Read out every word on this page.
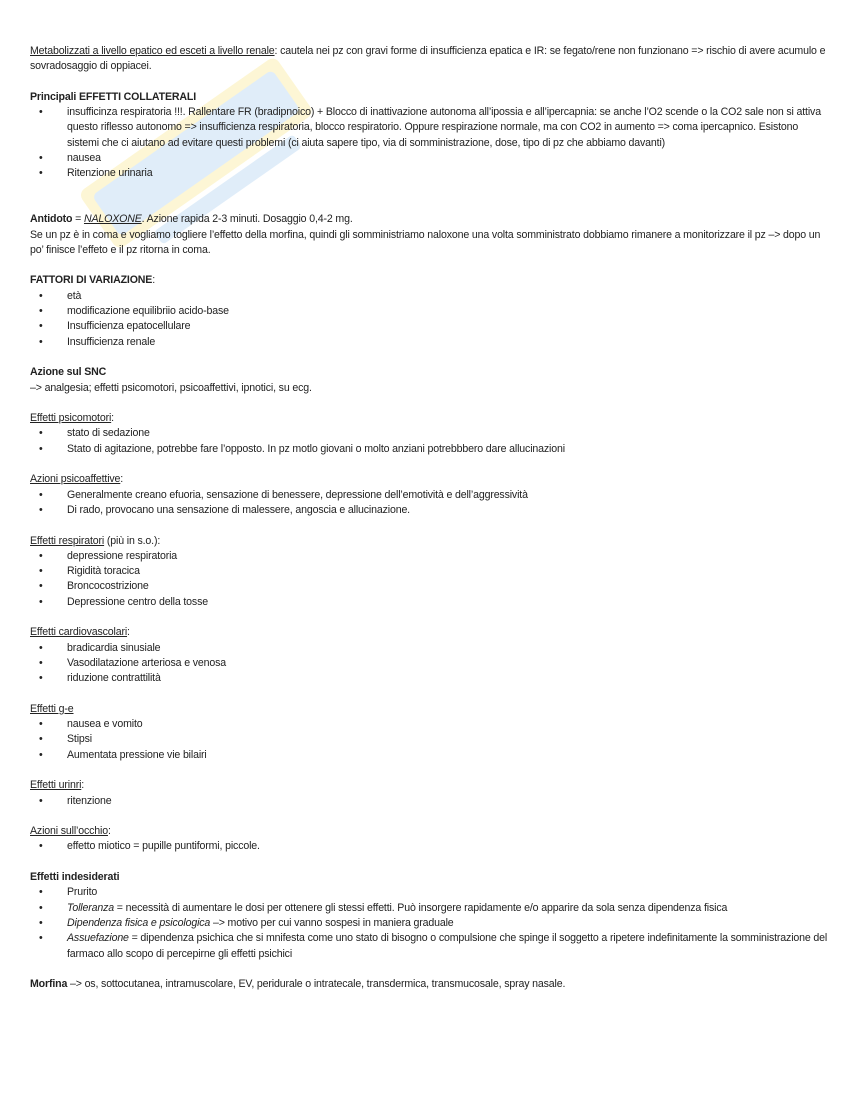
Metabolizzati a livello epatico ed esceti a livello renale: cautela nei pz con gravi forme di insufficienza epatica e IR: se fegato/rene non funzionano => rischio di avere acumulo e sovradosaggio di oppiacei.

Principali EFFETTI COLLATERALI

• insufficinza respiratoria !!!. Rallentare FR (bradipnoico) + Blocco di inattivazione autonoma all’ipossia e all’ipercapnia: se anche l’O2 scende o la CO2 sale non si attiva questo riflesso autonomo => insufficienza respiratoria, blocco respiratorio. Oppure respirazione normale, ma con CO2 in aumento => coma ipercapnico. Esistono sistemi che ci aiutano ad evitare questi problemi (ci aiuta sapere tipo, via di somministrazione, dose, tipo di pz che abbiamo davanti)
• nausea
• Ritenzione urinaria

Antidoto = NALOXONE. Azione rapida 2-3 minuti. Dosaggio 0,4-2 mg.

Se un pz è in coma e vogliamo togliere l’effetto della morfina, quindi gli somministriamo naloxone una volta somministrato dobbiamo rimanere a monitorizzare il pz –> dopo un po’ finisce l’effeto e il pz ritorna in coma.

FATTORI DI VARIAZIONE:

• età
• modificazione equilibriio acido-base
• Insufficienza epatocellulare
• Insufficienza renale

Azione sul SNC

–> analgesia; effetti psicomotori, psicoaffettivi, ipnotici, su ecg.

Effetti psicomotori:

• stato di sedazione
• Stato di agitazione, potrebbe fare l’opposto. In pz motlo giovani o molto anziani potrebbbero dare allucinazioni

Azioni psicoaffettive:

• Generalmente creano efuoria, sensazione di benessere, depressione dell’emotività e dell’aggressività
• Di rado, provocano una sensazione di malessere, angoscia e allucinazione.

Effetti respiratori (più in s.o.):

• depressione respiratoria
• Rigidità toracica
• Broncocostrizione
• Depressione centro della tosse

Effetti cardiovascolari:

• bradicardia sinusiale
• Vasodilatazione arteriosa e venosa
• riduzione contrattilità

Effetti g-e

• nausea e vomito
• Stipsi
• Aumentata pressione vie bilairi

Effetti urinri:

• ritenzione

Azioni sull’occhio:

• effetto miotico = pupille puntiformi, piccole.

Effetti indesiderati

• Prurito
• Tolleranza = necessità di aumentare le dosi per ottenere gli stessi effetti. Può insorgere rapidamente e/o apparire da sola senza dipendenza fisica
• Dipendenza fisica e psicologica –> motivo per cui vanno sospesi in maniera graduale
• Assuefazione = dipendenza psichica che si mnifesta come uno stato di bisogno o compulsione che spinge il soggetto a ripetere indefinitamente la somministrazione del farmaco allo scopo di percepirne gli effetti psichici

Morfina –> os, sottocutanea, intramuscolare, EV, peridurale o intratecale, transdermica, transmucosale, spray nasale.
